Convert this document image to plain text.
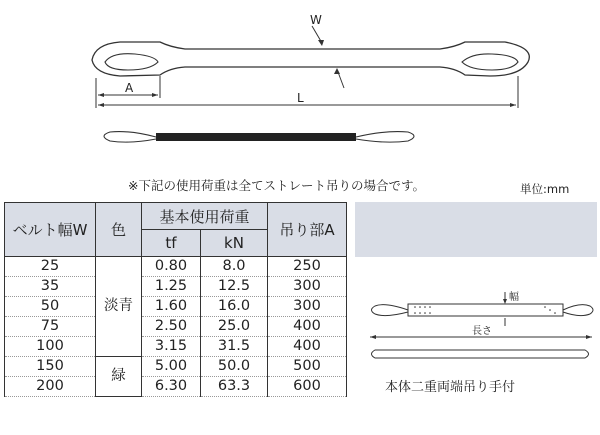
W
A
L
※下記の使用荷重は全てストレート吊りの場合です。	単位:mm
ベルト幅W	色	基本使用荷重		吊り部A
		tf	kN	
25	淡青	0.80	8.0	250
35		1.25	12.5	300
50		1.60	16.0	300
75		2.50	25.0	400
100		3.15	31.5	400
150	緑	5.00	50.0	500
200		6.30	63.3	600
幅
長さ
本体二重両端吊り手付
